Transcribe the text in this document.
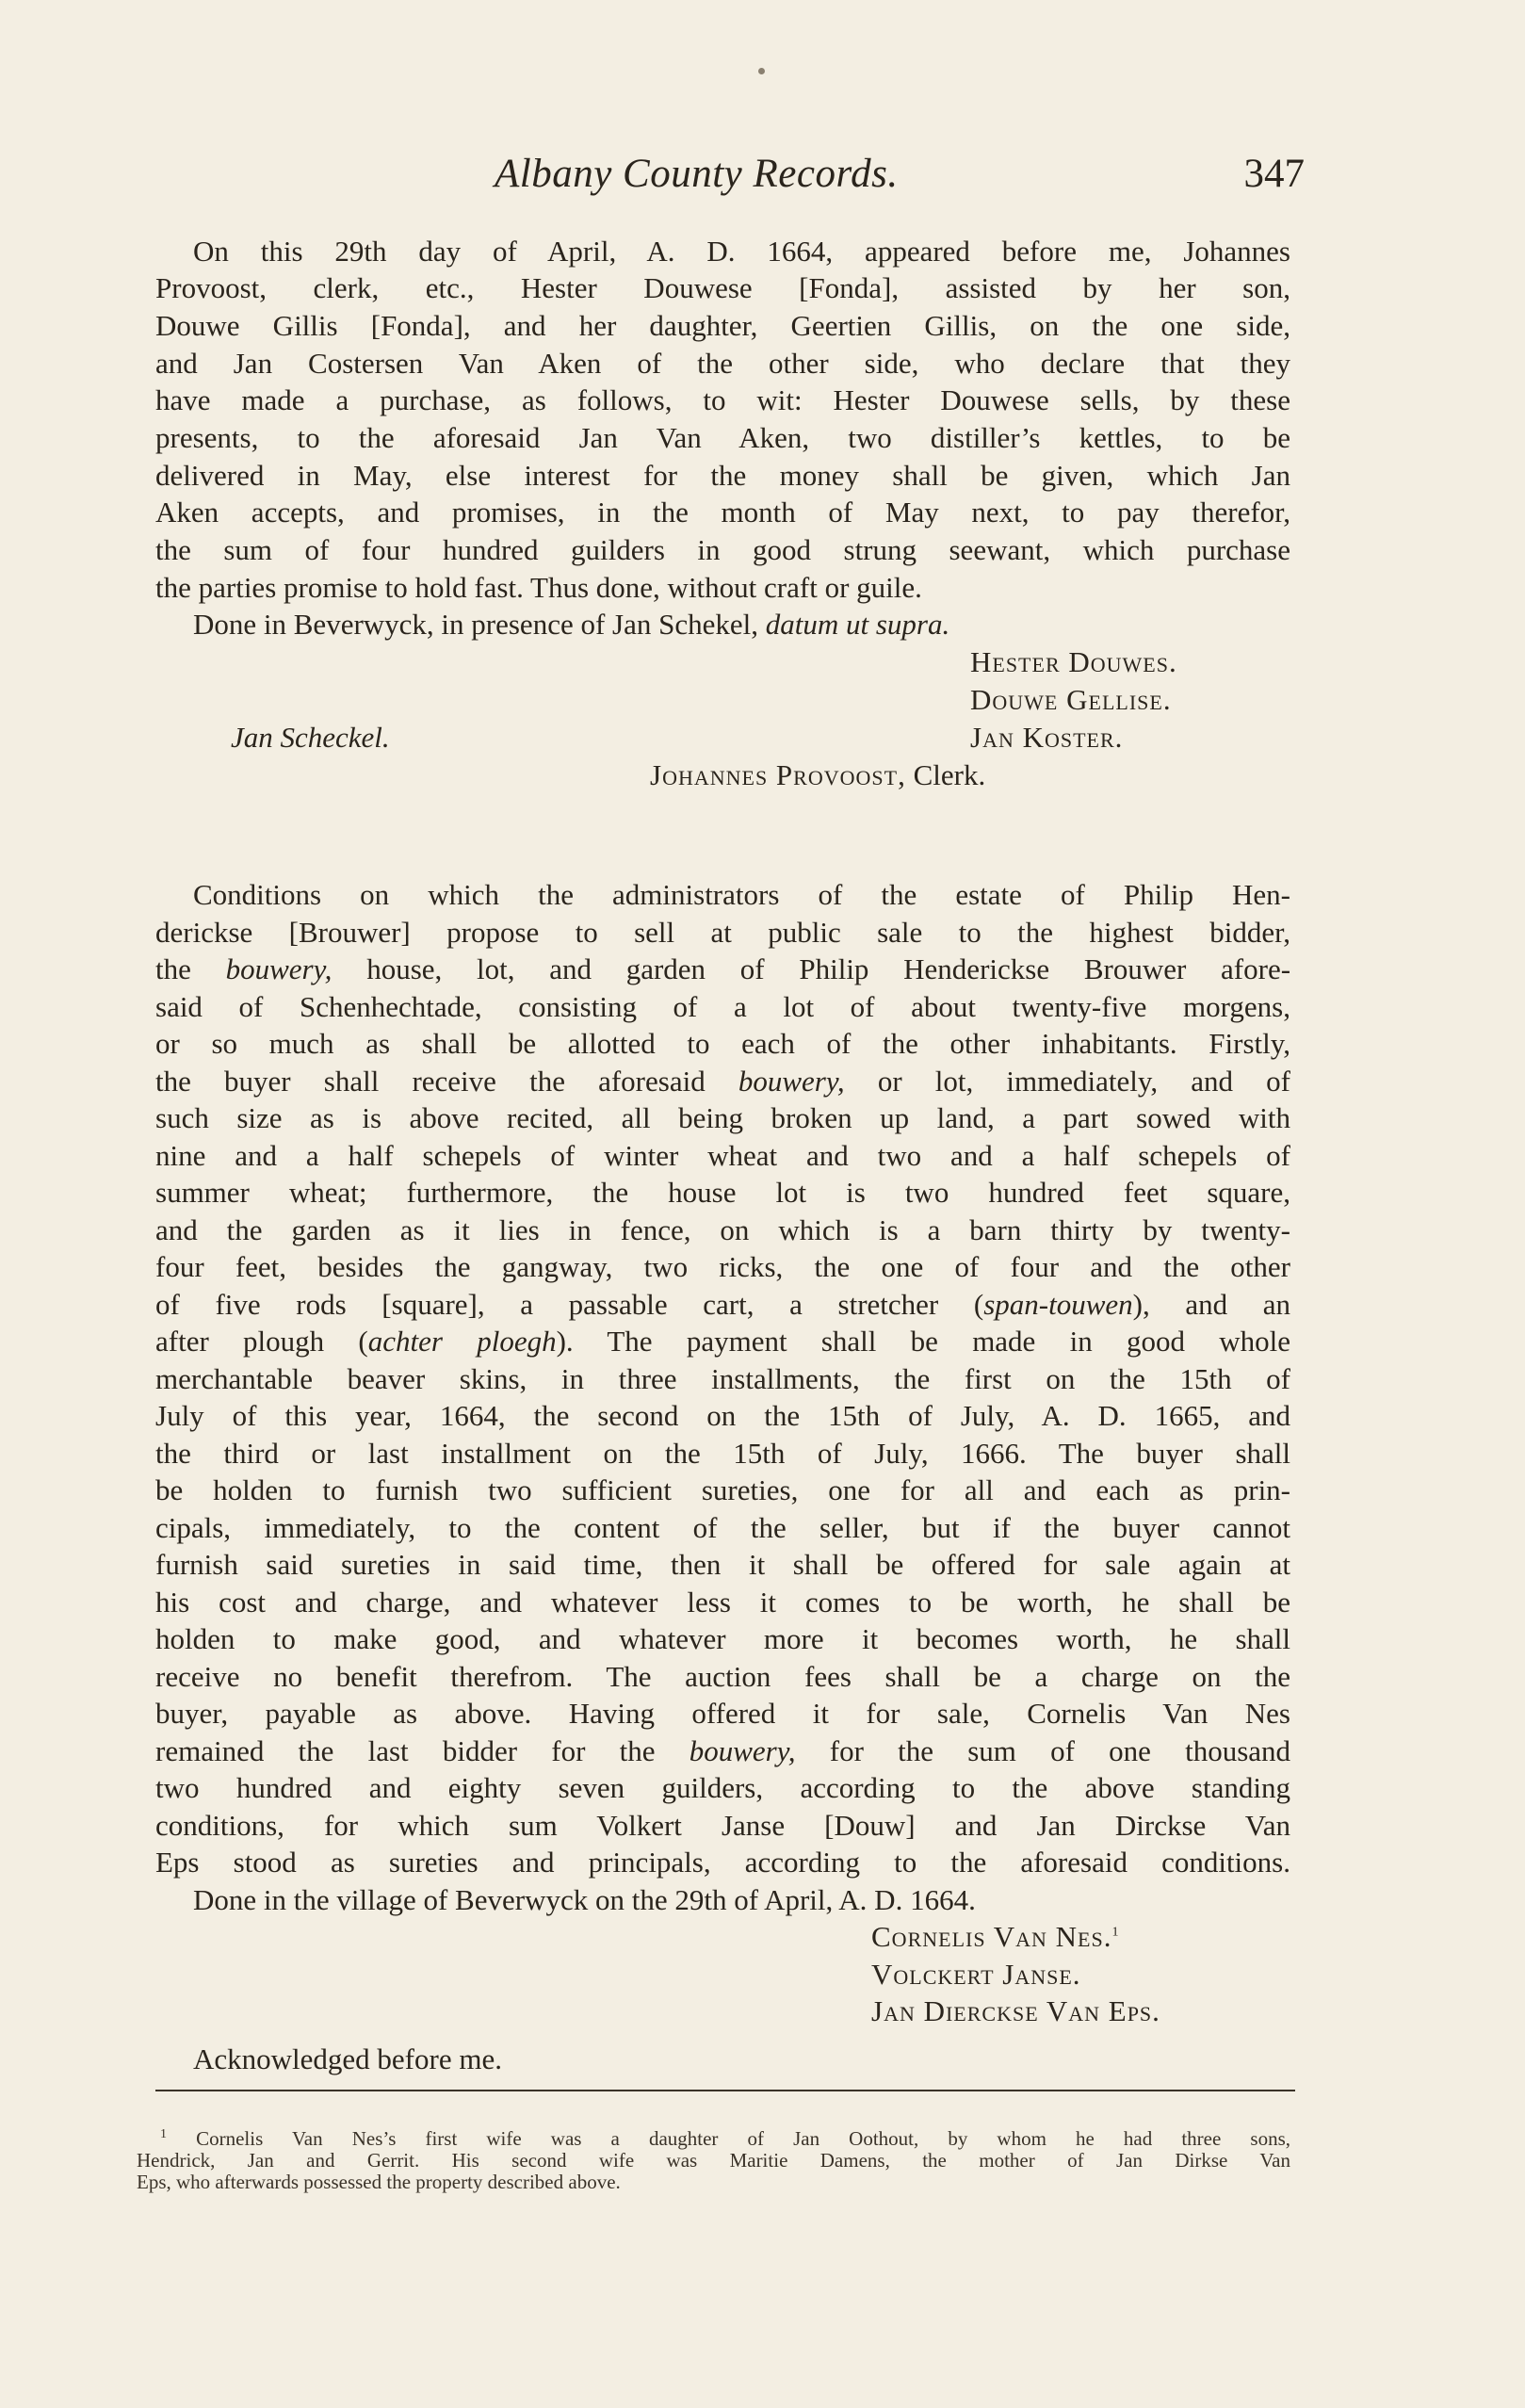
Albany County Records.	347
On this 29th day of April, A. D. 1664, appeared before me, Johannes
Provoost, clerk, etc., Hester Douwese [Fonda], assisted by her son,
Douwe Gillis [Fonda], and her daughter, Geertien Gillis, on the one side,
and Jan Costersen Van Aken of the other side, who declare that they
have made a purchase, as follows, to wit: Hester Douwese sells, by these
presents, to the aforesaid Jan Van Aken, two distiller’s kettles, to be
delivered in May, else interest for the money shall be given, which Jan
Aken accepts, and promises, in the month of May next, to pay therefor,
the sum of four hundred guilders in good strung seewant, which purchase
the parties promise to hold fast. Thus done, without craft or guile.
Done in Beverwyck, in presence of Jan Schekel, datum ut supra.
Hester Douwes.
Douwe Gellise.
Jan Scheckel.	Jan Koster.
Johannes Provoost, Clerk.
Conditions on which the administrators of the estate of Philip Hen-
derickse [Brouwer] propose to sell at public sale to the highest bidder,
the bouwery, house, lot, and garden of Philip Henderickse Brouwer afore-
said of Schenhechtade, consisting of a lot of about twenty-five morgens,
or so much as shall be allotted to each of the other inhabitants. Firstly,
the buyer shall receive the aforesaid bouwery, or lot, immediately, and of
such size as is above recited, all being broken up land, a part sowed with
nine and a half schepels of winter wheat and two and a half schepels of
summer wheat; furthermore, the house lot is two hundred feet square,
and the garden as it lies in fence, on which is a barn thirty by twenty-
four feet, besides the gangway, two ricks, the one of four and the other
of five rods [square], a passable cart, a stretcher (span-touwen), and an
after plough (achter ploegh). The payment shall be made in good whole
merchantable beaver skins, in three installments, the first on the 15th of
July of this year, 1664, the second on the 15th of July, A. D. 1665, and
the third or last installment on the 15th of July, 1666. The buyer shall
be holden to furnish two sufficient sureties, one for all and each as prin-
cipals, immediately, to the content of the seller, but if the buyer cannot
furnish said sureties in said time, then it shall be offered for sale again at
his cost and charge, and whatever less it comes to be worth, he shall be
holden to make good, and whatever more it becomes worth, he shall
receive no benefit therefrom. The auction fees shall be a charge on the
buyer, payable as above. Having offered it for sale, Cornelis Van Nes
remained the last bidder for the bouwery, for the sum of one thousand
two hundred and eighty seven guilders, according to the above standing
conditions, for which sum Volkert Janse [Douw] and Jan Dirckse Van
Eps stood as sureties and principals, according to the aforesaid conditions.
Done in the village of Beverwyck on the 29th of April, A. D. 1664.
Cornelis Van Nes.$^1$
Volckert Janse.
Jan Dierckse Van Eps.
Acknowledged before me.
$^1$ Cornelis Van Nes’s first wife was a daughter of Jan Oothout, by whom he had three sons,
Hendrick, Jan and Gerrit. His second wife was Maritie Damens, the mother of Jan Dirkse Van
Eps, who afterwards possessed the property described above.
